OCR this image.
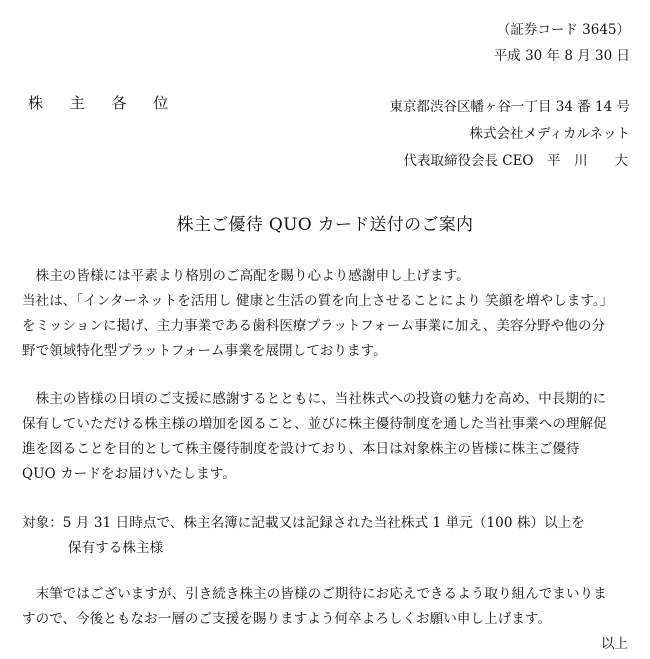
（証券コード 3645）
平成 30 年 8 月 30 日
株 主 各 位	東京都渋谷区幡ヶ谷一丁目 34 番 14 号
株式会社メディカルネット
代表取締役会長 CEO　平　川　　大
株主ご優待 QUO カード送付のご案内
　株主の皆様には平素より格別のご高配を賜り心より感謝申し上げます。
当社は、「インターネットを活用し 健康と生活の質を向上させることにより 笑顔を増やします。」
をミッションに掲げ、主力事業である歯科医療プラットフォーム事業に加え、美容分野や他の分
野で領域特化型プラットフォーム事業を展開しております。
　株主の皆様の日頃のご支援に感謝するとともに、当社株式への投資の魅力を高め、中長期的に
保有していただける株主様の増加を図ること、並びに株主優待制度を通した当社事業への理解促
進を図ることを目的として株主優待制度を設けており、本日は対象株主の皆様に株主ご優待
QUO カードをお届けいたします。
対象：5 月 31 日時点で、株主名簿に記載又は記録された当社株式 1 単元（100 株）以上を
保有する株主様
　末筆ではございますが、引き続き株主の皆様のご期待にお応えできるよう取り組んでまいりま
すので、今後ともなお一層のご支援を賜りますよう何卒よろしくお願い申し上げます。
以上
